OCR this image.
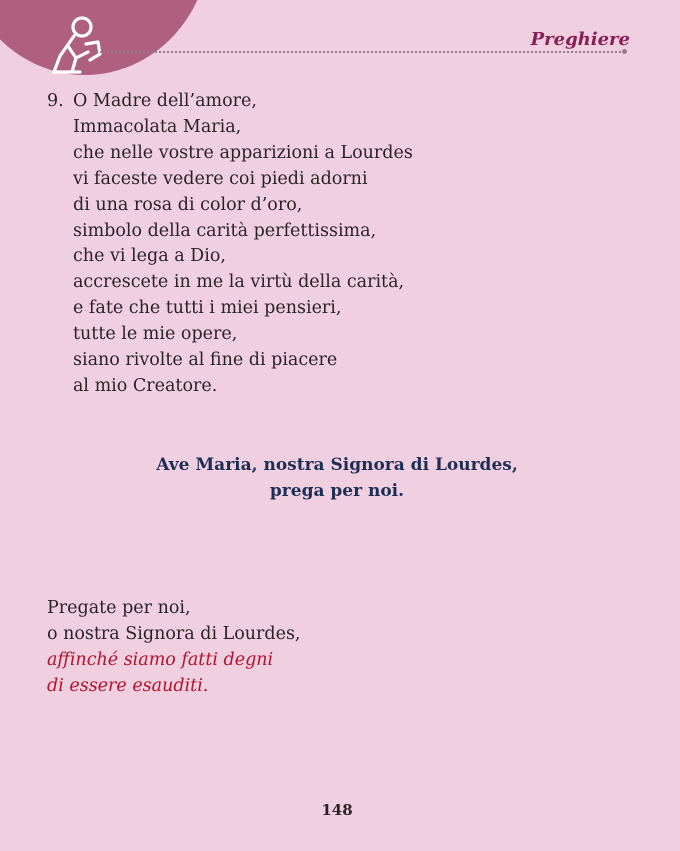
Preghiere
9. O Madre dell’amore,
Immacolata Maria,
che nelle vostre apparizioni a Lourdes
vi faceste vedere coi piedi adorni
di una rosa di color d’oro,
simbolo della carità perfettissima,
che vi lega a Dio,
accrescete in me la virtù della carità,
e fate che tutti i miei pensieri,
tutte le mie opere,
siano rivolte al fine di piacere
al mio Creatore.
Ave Maria, nostra Signora di Lourdes,
prega per noi.
Pregate per noi,
o nostra Signora di Lourdes,
affinché siamo fatti degni
di essere esauditi.
148
